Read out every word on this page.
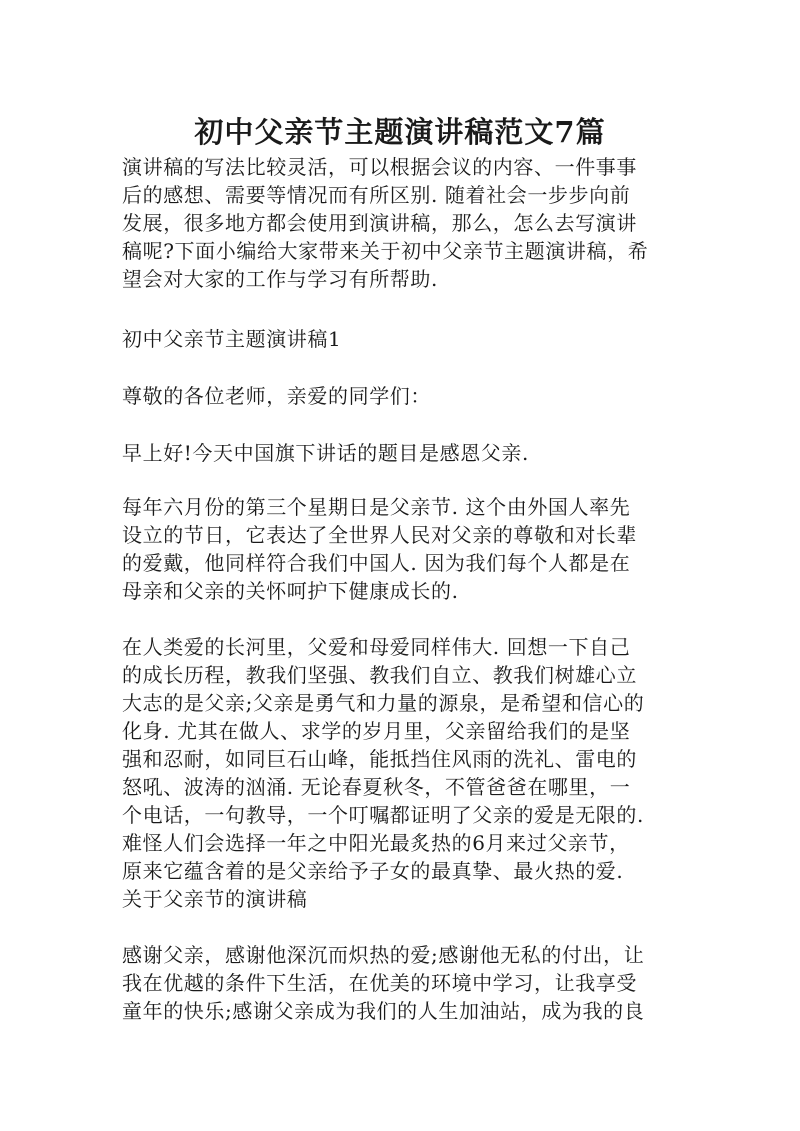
初中父亲节主题演讲稿范文7篇
演讲稿的写法比较灵活，可以根据会议的内容、一件事事
后的感想、需要等情况而有所区别. 随着社会一步步向前
发展，很多地方都会使用到演讲稿，那么，怎么去写演讲
稿呢?下面小编给大家带来关于初中父亲节主题演讲稿，希
望会对大家的工作与学习有所帮助.
初中父亲节主题演讲稿1
尊敬的各位老师，亲爱的同学们：
早上好!今天中国旗下讲话的题目是感恩父亲.
每年六月份的第三个星期日是父亲节. 这个由外国人率先
设立的节日，它表达了全世界人民对父亲的尊敬和对长辈
的爱戴，他同样符合我们中国人. 因为我们每个人都是在
母亲和父亲的关怀呵护下健康成长的.
在人类爱的长河里，父爱和母爱同样伟大. 回想一下自己
的成长历程，教我们坚强、教我们自立、教我们树雄心立
大志的是父亲;父亲是勇气和力量的源泉，是希望和信心的
化身. 尤其在做人、求学的岁月里，父亲留给我们的是坚
强和忍耐，如同巨石山峰，能抵挡住风雨的洗礼、雷电的
怒吼、波涛的汹涌. 无论春夏秋冬，不管爸爸在哪里，一
个电话，一句教导，一个叮嘱都证明了父亲的爱是无限的.
难怪人们会选择一年之中阳光最炙热的6月来过父亲节，
原来它蕴含着的是父亲给予子女的最真挚、最火热的爱.
关于父亲节的演讲稿
感谢父亲，感谢他深沉而炽热的爱;感谢他无私的付出，让
我在优越的条件下生活，在优美的环境中学习，让我享受
童年的快乐;感谢父亲成为我们的人生加油站，成为我的良
